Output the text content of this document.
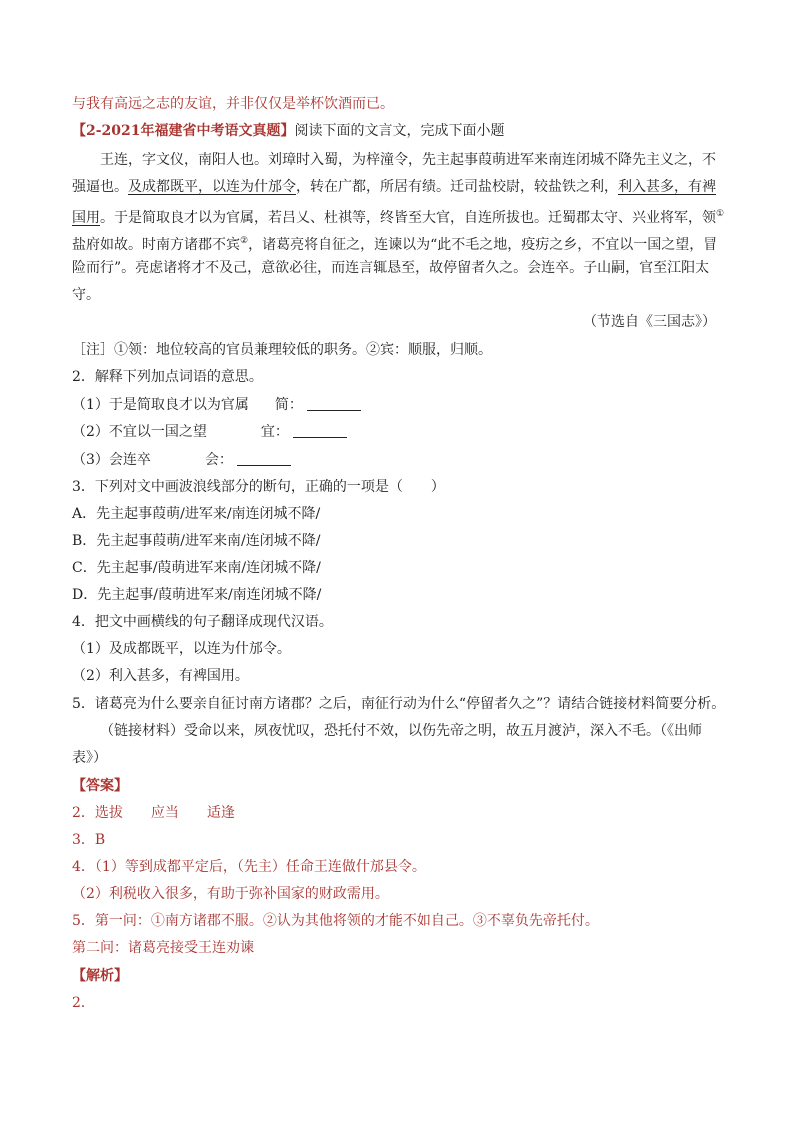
与我有高远之志的友谊，并非仅仅是举杯饮酒而已。
【2-2021年福建省中考语文真题】阅读下面的文言文，完成下面小题
王连，字文仪，南阳人也。刘璋时入蜀，为梓潼令，先主起事葭萌进军来南连闭城不降先主义之，不
强逼也。及成都既平，以连为什邡令，转在广都，所居有绩。迁司盐校尉，较盐铁之利，利入甚多，有裨
国用。于是简取良才以为官属，若吕乂、杜祺等，终皆至大官，自连所拔也。迁蜀郡太守、兴业将军，领①
盐府如故。时南方诸郡不宾②，诸葛亮将自征之，连谏以为“此不毛之地，疫疠之乡，不宜以一国之望，冒
险而行”。亮虑诸将才不及己，意欲必往，而连言辄恳至，故停留者久之。会连卒。子山嗣，官至江阳太
守。
（节选自《三国志》）
［注］①领：地位较高的官员兼理较低的职务。②宾：顺服，归顺。
2．解释下列加点词语的意思。
（1）于是简取良才以为官属 简：
（2）不宜以一国之望	宜：
（3）会连卒	会：
3．下列对文中画波浪线部分的断句，正确的一项是（　　）
A．先主起事葭萌/进军来/南连闭城不降/
B．先主起事葭萌/进军来南/连闭城不降/
C．先主起事/葭萌进军来南/连闭城不降/
D．先主起事/葭萌进军来/南连闭城不降/
4．把文中画横线的句子翻译成现代汉语。
（1）及成都既平，以连为什邡令。
（2）利入甚多，有裨国用。
5．诸葛亮为什么要亲自征讨南方诸郡？之后，南征行动为什么“停留者久之”？请结合链接材料简要分析。
（链接材料）受命以来，夙夜忧叹，恐托付不效，以伤先帝之明，故五月渡泸，深入不毛。（《出师
表》）
【答案】
2．选拔　　应当　　适逢
3．B
4．（1）等到成都平定后，（先主）任命王连做什邡县令。
（2）利税收入很多，有助于弥补国家的财政需用。
5．第一问：①南方诸郡不服。②认为其他将领的才能不如自己。③不辜负先帝托付。
第二问：诸葛亮接受王连劝谏
【解析】
2．
